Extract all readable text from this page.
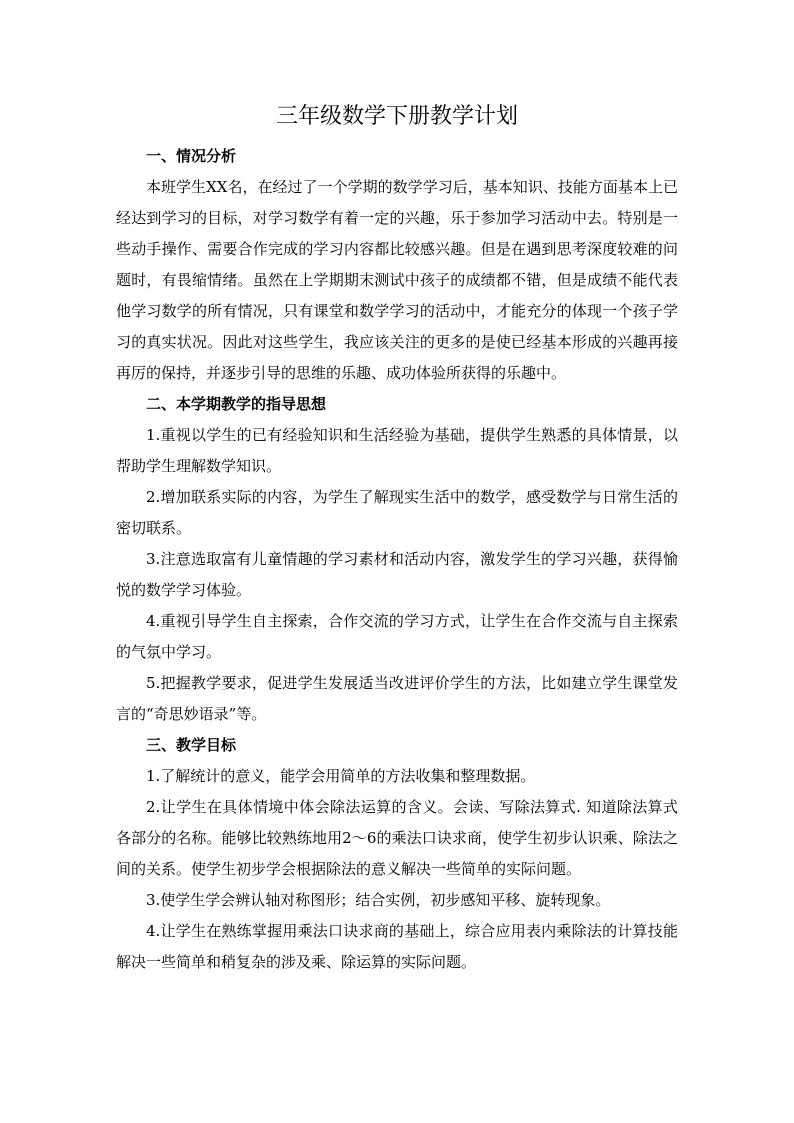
三年级数学下册教学计划
一、情况分析

本班学生XX名，在经过了一个学期的数学学习后，基本知识、技能方面基本上已经达到学习的目标，对学习数学有着一定的兴趣，乐于参加学习活动中去。特别是一些动手操作、需要合作完成的学习内容都比较感兴趣。但是在遇到思考深度较难的问题时，有畏缩情绪。虽然在上学期期末测试中孩子的成绩都不错，但是成绩不能代表他学习数学的所有情况，只有课堂和数学学习的活动中，才能充分的体现一个孩子学习的真实状况。因此对这些学生，我应该关注的更多的是使已经基本形成的兴趣再接再厉的保持，并逐步引导的思维的乐趣、成功体验所获得的乐趣中。

二、本学期教学的指导思想

1.重视以学生的已有经验知识和生活经验为基础，提供学生熟悉的具体情景，以帮助学生理解数学知识。

2.增加联系实际的内容，为学生了解现实生活中的数学，感受数学与日常生活的密切联系。

3.注意选取富有儿童情趣的学习素材和活动内容，激发学生的学习兴趣，获得愉悦的数学学习体验。

4.重视引导学生自主探索，合作交流的学习方式，让学生在合作交流与自主探索的气氛中学习。

5.把握教学要求，促进学生发展适当改进评价学生的方法，比如建立学生课堂发言的“奇思妙语录”等。

三、教学目标

1.了解统计的意义，能学会用简单的方法收集和整理数据。

2.让学生在具体情境中体会除法运算的含义。会读、写除法算式. 知道除法算式各部分的名称。能够比较熟练地用2～6的乘法口诀求商，使学生初步认识乘、除法之间的关系。使学生初步学会根据除法的意义解决一些简单的实际问题。

3.使学生学会辨认轴对称图形；结合实例，初步感知平移、旋转现象。

4.让学生在熟练掌握用乘法口诀求商的基础上，综合应用表内乘除法的计算技能解决一些简单和稍复杂的涉及乘、除运算的实际问题。
